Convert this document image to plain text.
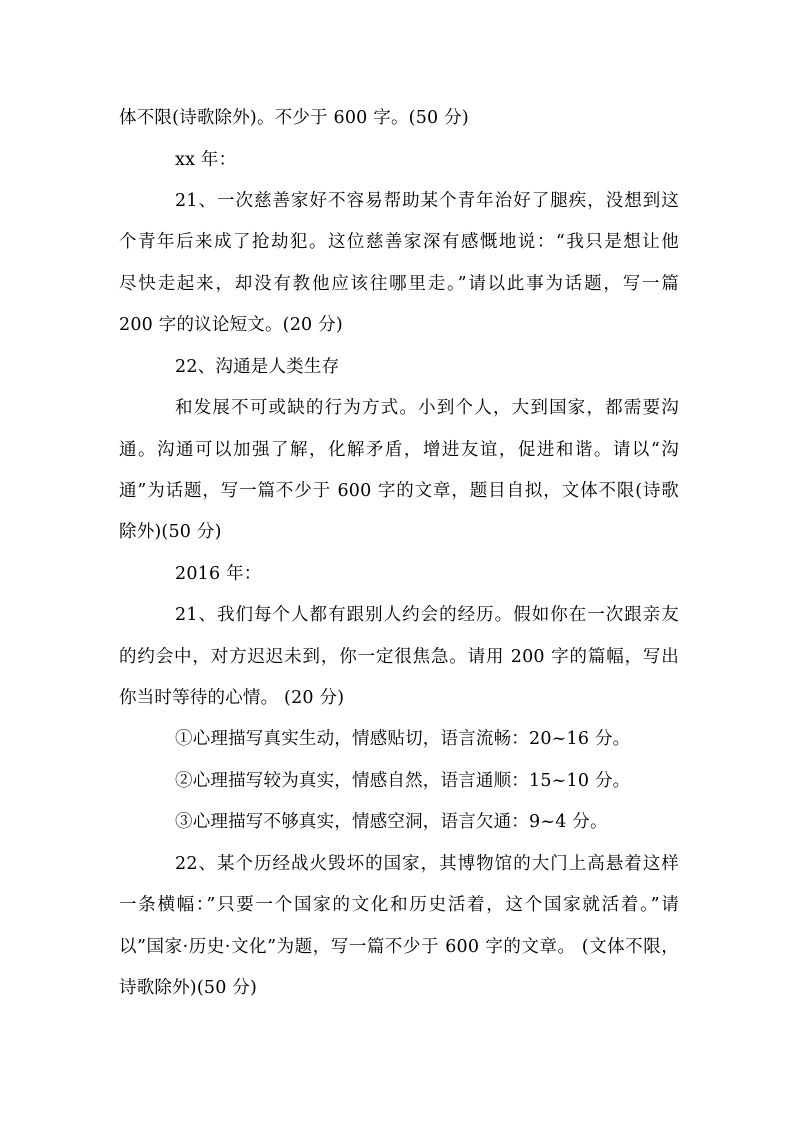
体不限(诗歌除外)。不少于 600 字。(50 分)
xx 年：
21、一次慈善家好不容易帮助某个青年治好了腿疾，没想到这
个青年后来成了抢劫犯。这位慈善家深有感慨地说：“我只是想让他
尽快走起来，却没有教他应该往哪里走。”请以此事为话题，写一篇
200 字的议论短文。(20 分)
22、沟通是人类生存
和发展不可或缺的行为方式。小到个人，大到国家，都需要沟
通。沟通可以加强了解，化解矛盾，增进友谊，促进和谐。请以“沟
通”为话题，写一篇不少于 600 字的文章，题目自拟，文体不限(诗歌
除外)(50 分)
2016 年：
21、我们每个人都有跟别人约会的经历。假如你在一次跟亲友
的约会中，对方迟迟未到，你一定很焦急。请用 200 字的篇幅，写出
你当时等待的心情。 (20 分)
①心理描写真实生动，情感贴切，语言流畅：20~16 分。
②心理描写较为真实，情感自然，语言通顺：15~10 分。
③心理描写不够真实，情感空洞，语言欠通：9~4 分。
22、某个历经战火毁坏的国家，其博物馆的大门上高悬着这样
一条横幅：”只要一个国家的文化和历史活着，这个国家就活着。”请
以”国家·历史·文化”为题，写一篇不少于 600 字的文章。 (文体不限，
诗歌除外)(50 分)
